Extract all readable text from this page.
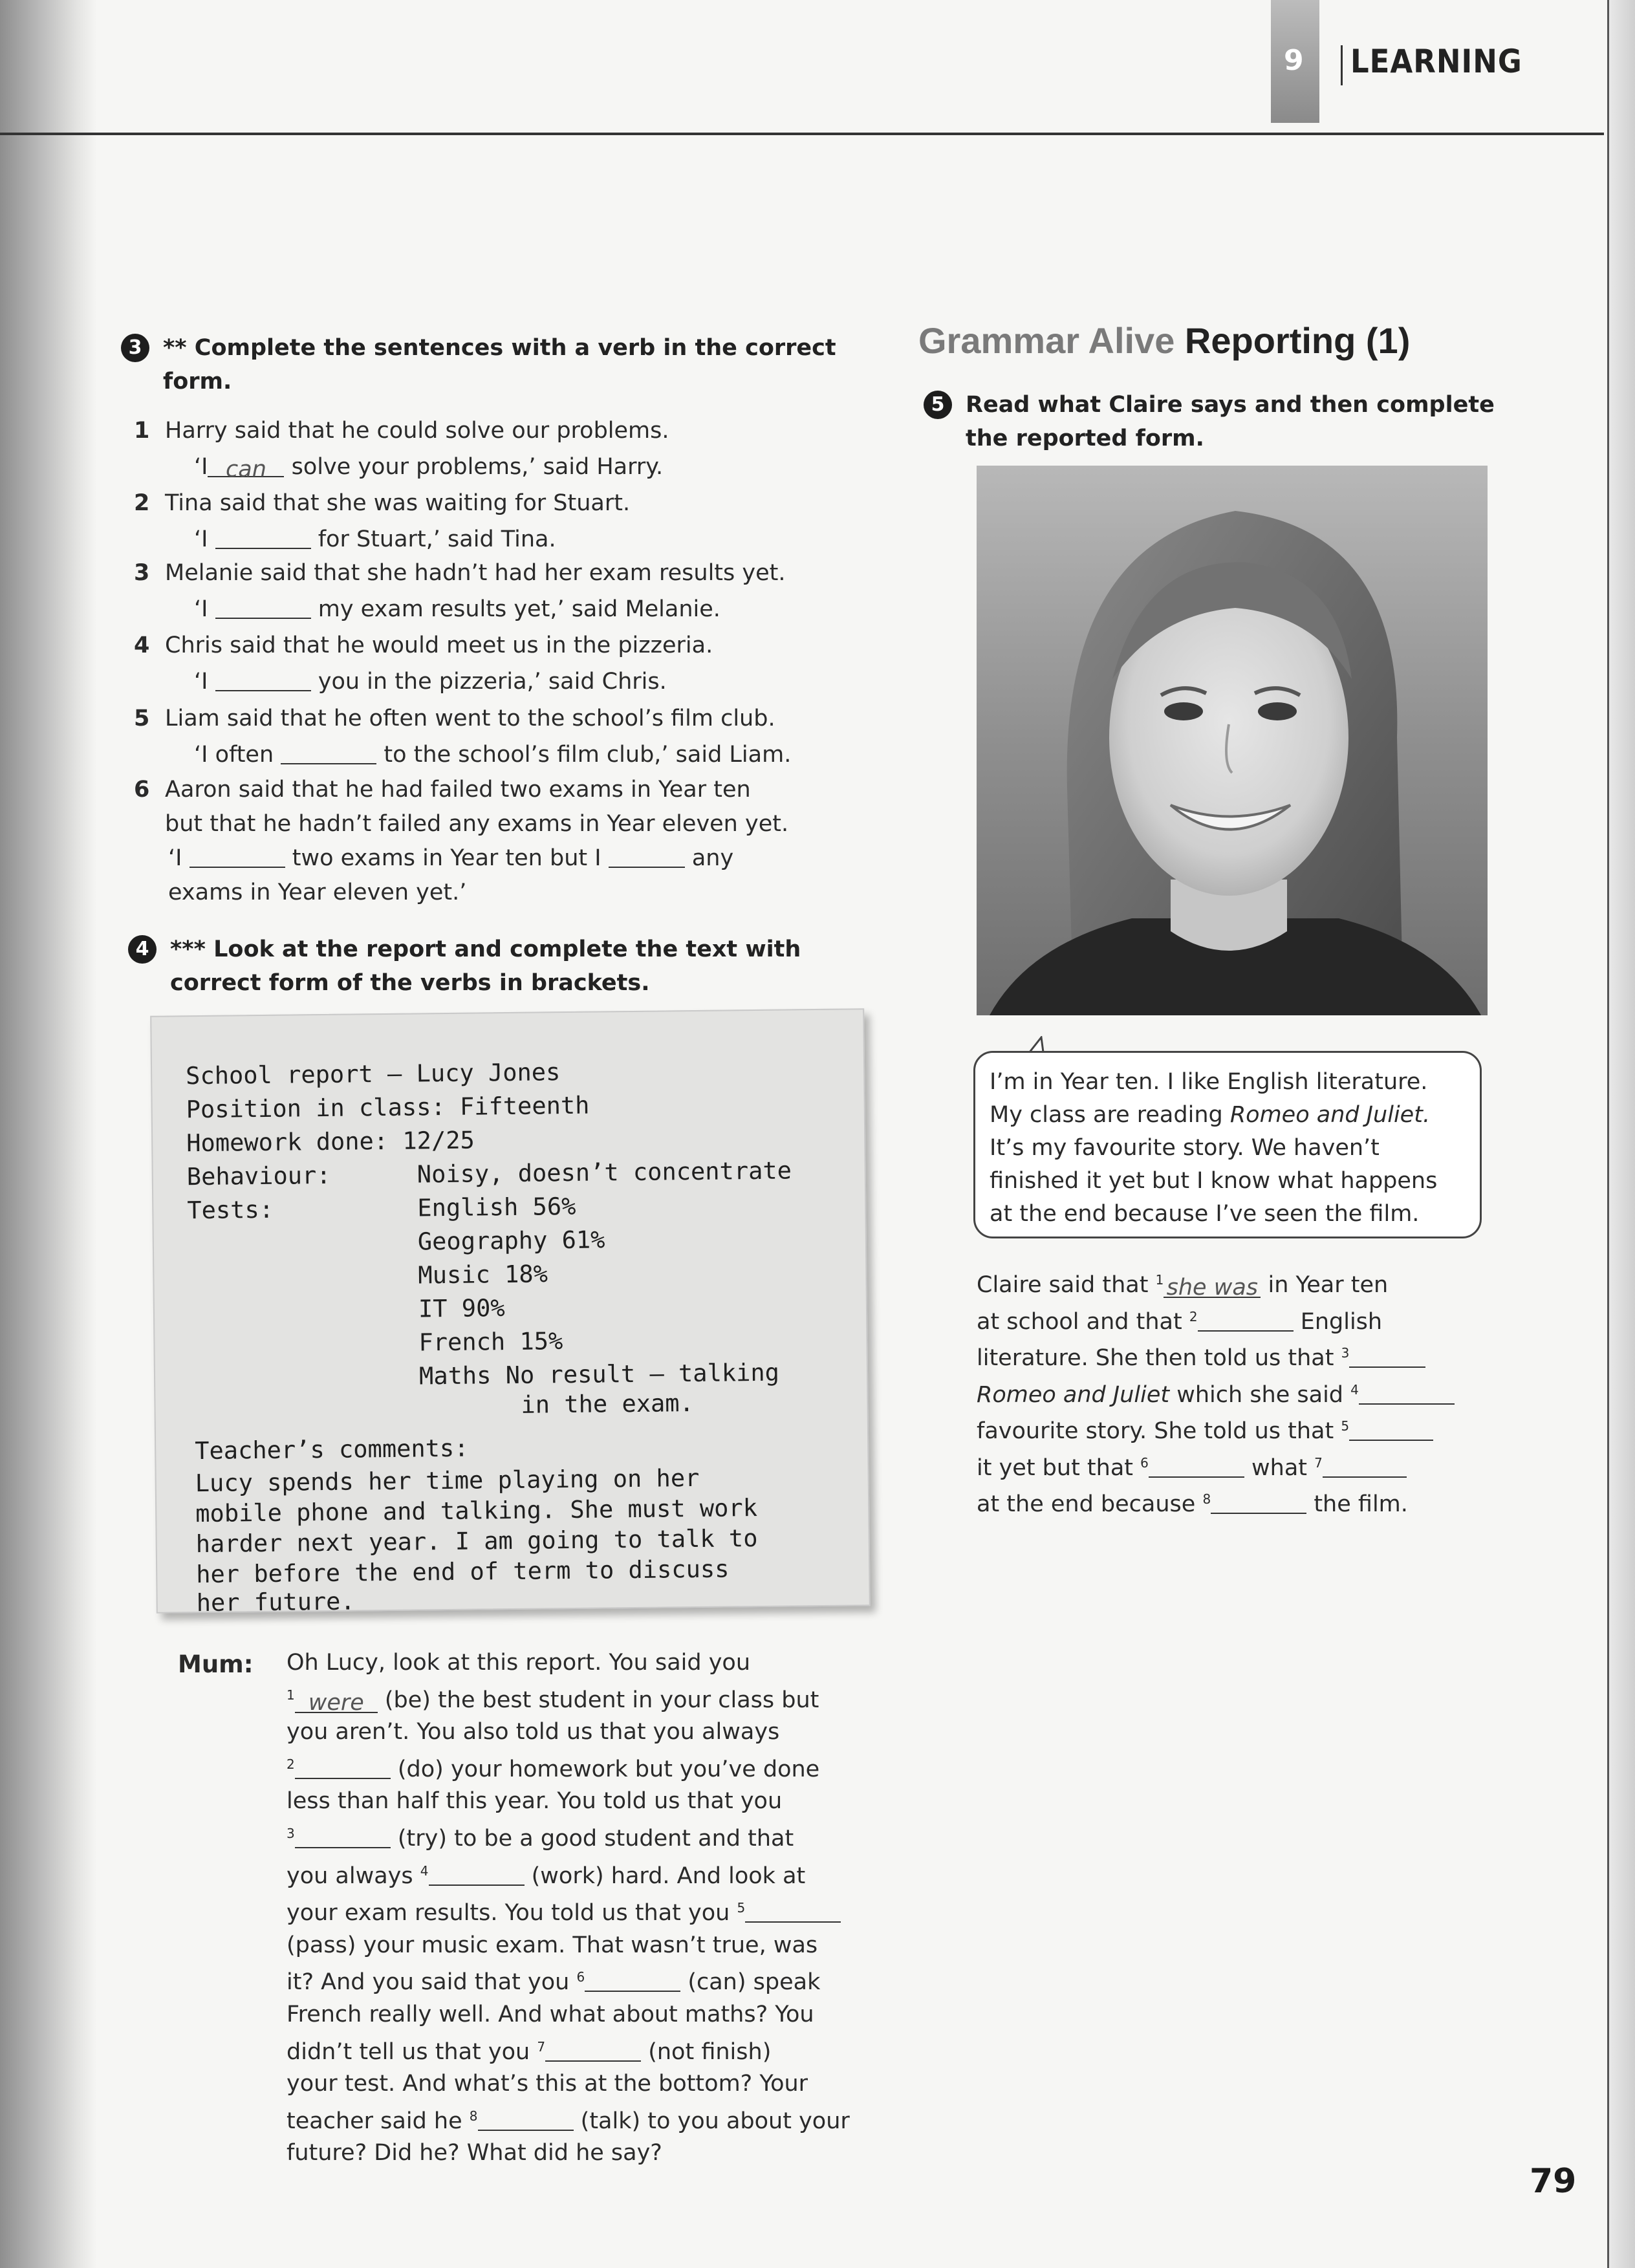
9 LEARNING
3 ** Complete the sentences with a verb in the correct
form.
1 Harry said that he could solve our problems.
‘I can solve your problems,’ said Harry.
2 Tina said that she was waiting for Stuart.
‘I	for Stuart,’ said Tina.
3 Melanie said that she hadn’t had her exam results yet.
‘I	my exam results yet,’ said Melanie.
4 Chris said that he would meet us in the pizzeria.
‘I	you in the pizzeria,’ said Chris.
5 Liam said that he often went to the school’s film club.
‘I often	to the school’s film club,’ said Liam.
6 Aaron said that he had failed two exams in Year ten
but that he hadn’t failed any exams in Year eleven yet.
‘I	two exams in Year ten but I	any
exams in Year eleven yet.’
4 *** Look at the report and complete the text with
correct form of the verbs in brackets.
School report – Lucy Jones
Position in class: Fifteenth
Homework done: 12/25
Behaviour:	Noisy, doesn’t concentrate
Tests:	English 56%
Geography 61%
Music 18%
IT 90%
French 15%
Maths No result – talking
in the exam.
Teacher’s comments:
Lucy spends her time playing on her
mobile phone and talking. She must work
harder next year. I am going to talk to
her before the end of term to discuss
her future.
Mum: Oh Lucy, look at this report. You said you
$^1$ were (be) the best student in your class but
you aren’t. You also told us that you always
$^2$	(do) your homework but you’ve done
less than half this year. You told us that you
$^3$	(try) to be a good student and that
you always $^4$	(work) hard. And look at
your exam results. You told us that you $^5$
(pass) your music exam. That wasn’t true, was
it? And you said that you $^6$	(can) speak
French really well. And what about maths? You
didn’t tell us that you $^7$	(not finish)
your test. And what’s this at the bottom? Your
teacher said he $^8$	(talk) to you about your
future? Did he? What did he say?
Grammar Alive Reporting (1)
5 Read what Claire says and then complete
the reported form.
I’m in Year ten. I like English literature.
My class are reading Romeo and Juliet.
It’s my favourite story. We haven’t
finished it yet but I know what happens
at the end because I’ve seen the film.
Claire said that $^1$ she was in Year ten
at school and that $^2$	English
literature. She then told us that $^3$
Romeo and Juliet which she said $^4$
favourite story. She told us that $^5$
it yet but that $^6$	what $^7$
at the end because $^8$	the film.
79
